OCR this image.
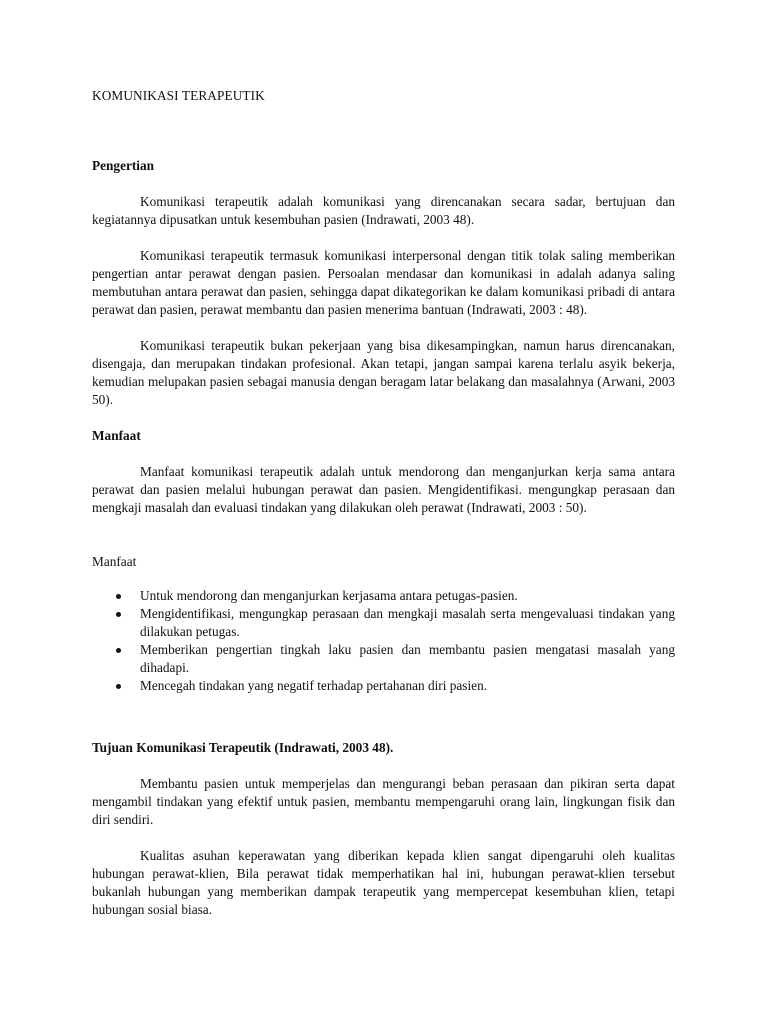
KOMUNIKASI TERAPEUTIK
Pengertian

Komunikasi terapeutik adalah komunikasi yang direncanakan secara sadar, bertujuan dan kegiatannya dipusatkan untuk kesembuhan pasien (Indrawati, 2003 48).

Komunikasi terapeutik termasuk komunikasi interpersonal dengan titik tolak saling memberikan pengertian antar perawat dengan pasien. Persoalan mendasar dan komunikasi in adalah adanya saling membutuhan antara perawat dan pasien, sehingga dapat dikategorikan ke dalam komunikasi pribadi di antara perawat dan pasien, perawat membantu dan pasien menerima bantuan (Indrawati, 2003 : 48).

Komunikasi terapeutik bukan pekerjaan yang bisa dikesampingkan, namun harus direncanakan, disengaja, dan merupakan tindakan profesional. Akan tetapi, jangan sampai karena terlalu asyik bekerja, kemudian melupakan pasien sebagai manusia dengan beragam latar belakang dan masalahnya (Arwani, 2003 50).

Manfaat

Manfaat komunikasi terapeutik adalah untuk mendorong dan menganjurkan kerja sama antara perawat dan pasien melalui hubungan perawat dan pasien. Mengidentifikasi. mengungkap perasaan dan mengkaji masalah dan evaluasi tindakan yang dilakukan oleh perawat (Indrawati, 2003 : 50).

Manfaat
Untuk mendorong dan menganjurkan kerjasama antara petugas-pasien.
Mengidentifikasi, mengungkap perasaan dan mengkaji masalah serta mengevaluasi tindakan yang dilakukan petugas.
Memberikan pengertian tingkah laku pasien dan membantu pasien mengatasi masalah yang dihadapi.
Mencegah tindakan yang negatif terhadap pertahanan diri pasien.
Tujuan Komunikasi Terapeutik (Indrawati, 2003 48).

Membantu pasien untuk memperjelas dan mengurangi beban perasaan dan pikiran serta dapat mengambil tindakan yang efektif untuk pasien, membantu mempengaruhi orang lain, lingkungan fisik dan diri sendiri.

Kualitas asuhan keperawatan yang diberikan kepada klien sangat dipengaruhi oleh kualitas hubungan perawat-klien, Bila perawat tidak memperhatikan hal ini, hubungan perawat-klien tersebut bukanlah hubungan yang memberikan dampak terapeutik yang mempercepat kesembuhan klien, tetapi hubungan sosial biasa.
